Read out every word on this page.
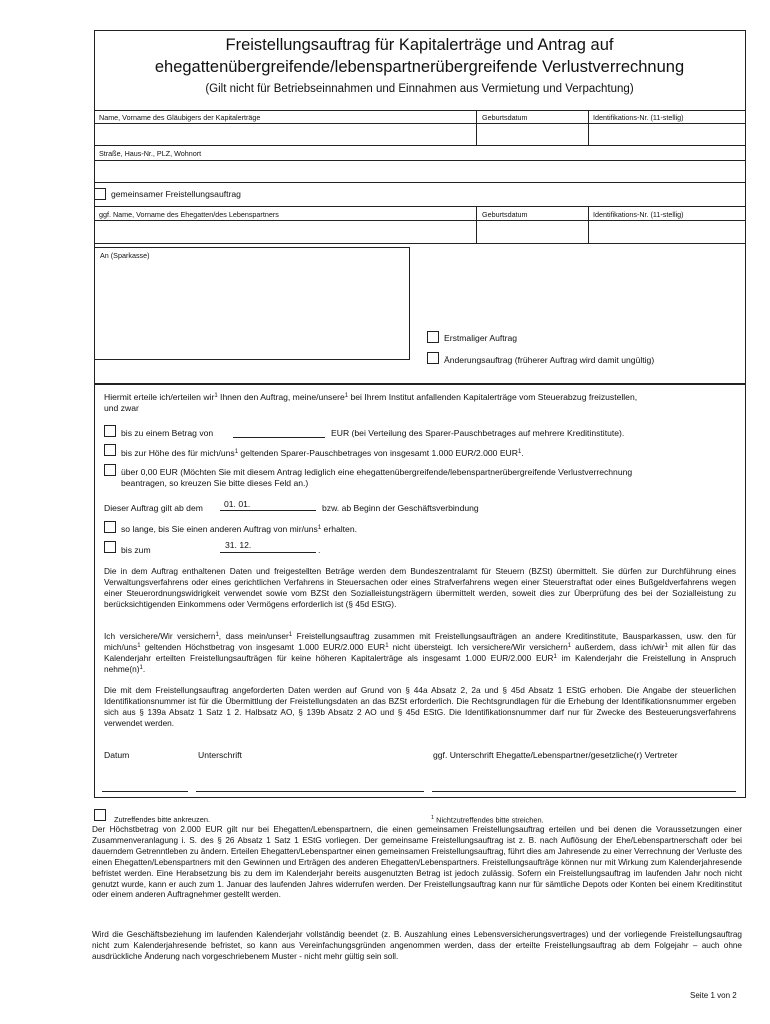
Freistellungsauftrag für Kapitalerträge und Antrag auf
ehegattenübergreifende/lebenspartnerübergreifende Verlustverrechnung
(Gilt nicht für Betriebseinnahmen und Einnahmen aus Vermietung und Verpachtung)
Name, Vorname des Gläubigers der Kapitalerträge	Geburtsdatum	Identifikations-Nr. (11-stellig)
Straße, Haus-Nr., PLZ, Wohnort
gemeinsamer Freistellungsauftrag
ggf. Name, Vorname des Ehegatten/des Lebenspartners	Geburtsdatum	Identifikations-Nr. (11-stellig)
An (Sparkasse)
Erstmaliger Auftrag
Änderungsauftrag (früherer Auftrag wird damit ungültig)
Hiermit erteile ich/erteilen wir$^1$ Ihnen den Auftrag, meine/unsere$^1$ bei Ihrem Institut anfallenden Kapitalerträge vom Steuerabzug freizustellen,
und zwar
bis zu einem Betrag von	EUR (bei Verteilung des Sparer-Pauschbetrages auf mehrere Kreditinstitute).
bis zur Höhe des für mich/uns$^1$ geltenden Sparer-Pauschbetrages von insgesamt 1.000 EUR/2.000 EUR$^1$.
über 0,00 EUR (Möchten Sie mit diesem Antrag lediglich eine ehegattenübergreifende/lebenspartnerübergreifende Verlustverrechnung
beantragen, so kreuzen Sie bitte dieses Feld an.)
Dieser Auftrag gilt ab dem 01. 01.	bzw. ab Beginn der Geschäftsverbindung
so lange, bis Sie einen anderen Auftrag von mir/uns$^1$ erhalten.
bis zum	31. 12.	.
Die in dem Auftrag enthaltenen Daten und freigestellten Beträge werden dem Bundeszentralamt für Steuern (BZSt) übermittelt. Sie dürfen zur Durchführung eines Verwaltungsverfahrens oder eines gerichtlichen Verfahrens in Steuersachen oder eines Strafverfahrens wegen einer Steuerstraftat oder eines Bußgeldverfahrens wegen einer Steuerordnungswidrigkeit verwendet sowie vom BZSt den Sozialleistungsträgern übermittelt werden, soweit dies zur Überprüfung des bei der Sozialleistung zu berücksichtigenden Einkommens oder Vermögens erforderlich ist (§ 45d EStG).
Ich versichere/Wir versichern$^1$, dass mein/unser$^1$ Freistellungsauftrag zusammen mit Freistellungsaufträgen an andere Kreditinstitute, Bausparkassen, usw. den für mich/uns$^1$ geltenden Höchstbetrag von insgesamt 1.000 EUR/2.000 EUR$^1$ nicht übersteigt. Ich versichere/Wir versichern$^1$ außerdem, dass ich/wir$^1$ mit allen für das Kalenderjahr erteilten Freistellungsaufträgen für keine höheren Kapitalerträge als insgesamt 1.000 EUR/2.000 EUR$^1$ im Kalenderjahr die Freistellung in Anspruch $nehme(n)^1$.
Die mit dem Freistellungsauftrag angeforderten Daten werden auf Grund von § 44a Absatz 2, 2a und § 45d Absatz 1 EStG erhoben. Die Angabe der steuerlichen Identifikationsnummer ist für die Übermittlung der Freistellungsdaten an das BZSt erforderlich. Die Rechtsgrundlagen für die Erhebung der Identifikationsnummer ergeben sich aus § 139a Absatz 1 Satz 1 2. Halbsatz AO, § 139b Absatz 2 AO und § 45d EStG. Die Identifikationsnummer darf nur für Zwecke des Besteuerungsverfahrens verwendet werden.
Datum	Unterschrift	ggf. Unterschrift Ehegatte/Lebenspartner/gesetzliche(r) Vertreter
Zutreffendes bitte ankreuzen.	$^1$ Nichtzutreffendes bitte streichen.
Der Höchstbetrag von 2.000 EUR gilt nur bei Ehegatten/Lebenspartnern, die einen gemeinsamen Freistellungsauftrag erteilen und bei denen die Voraussetzungen einer Zusammenveranlagung i. S. des § 26 Absatz 1 Satz 1 EStG vorliegen. Der gemeinsame Freistellungsauftrag ist z. B. nach Auflösung der Ehe/Lebenspartnerschaft oder bei dauerndem Getrenntleben zu ändern. Erteilen Ehegatten/Lebenspartner einen gemeinsamen Freistellungsauftrag, führt dies am Jahresende zu einer Verrechnung der Verluste des einen Ehegatten/Lebenspartners mit den Gewinnen und Erträgen des anderen Ehegatten/Lebenspartners. Freistellungsaufträge können nur mit Wirkung zum Kalenderjahresende befristet werden. Eine Herabsetzung bis zu dem im Kalenderjahr bereits ausgenutzten Betrag ist jedoch zulässig. Sofern ein Freistellungsauftrag im laufenden Jahr noch nicht genutzt wurde, kann er auch zum 1. Januar des laufenden Jahres widerrufen werden. Der Freistellungsauftrag kann nur für sämtliche Depots oder Konten bei einem Kreditinstitut oder einem anderen Auftragnehmer gestellt werden.
Wird die Geschäftsbeziehung im laufenden Kalenderjahr vollständig beendet (z. B. Auszahlung eines Lebensversicherungsvertrages) und der vorliegende Freistellungsauftrag nicht zum Kalenderjahresende befristet, so kann aus Vereinfachungsgründen angenommen werden, dass der erteilte Freistellungsauftrag ab dem Folgejahr – auch ohne ausdrückliche Änderung nach vorgeschriebenem Muster - nicht mehr gültig sein soll.
Seite 1 von 2
